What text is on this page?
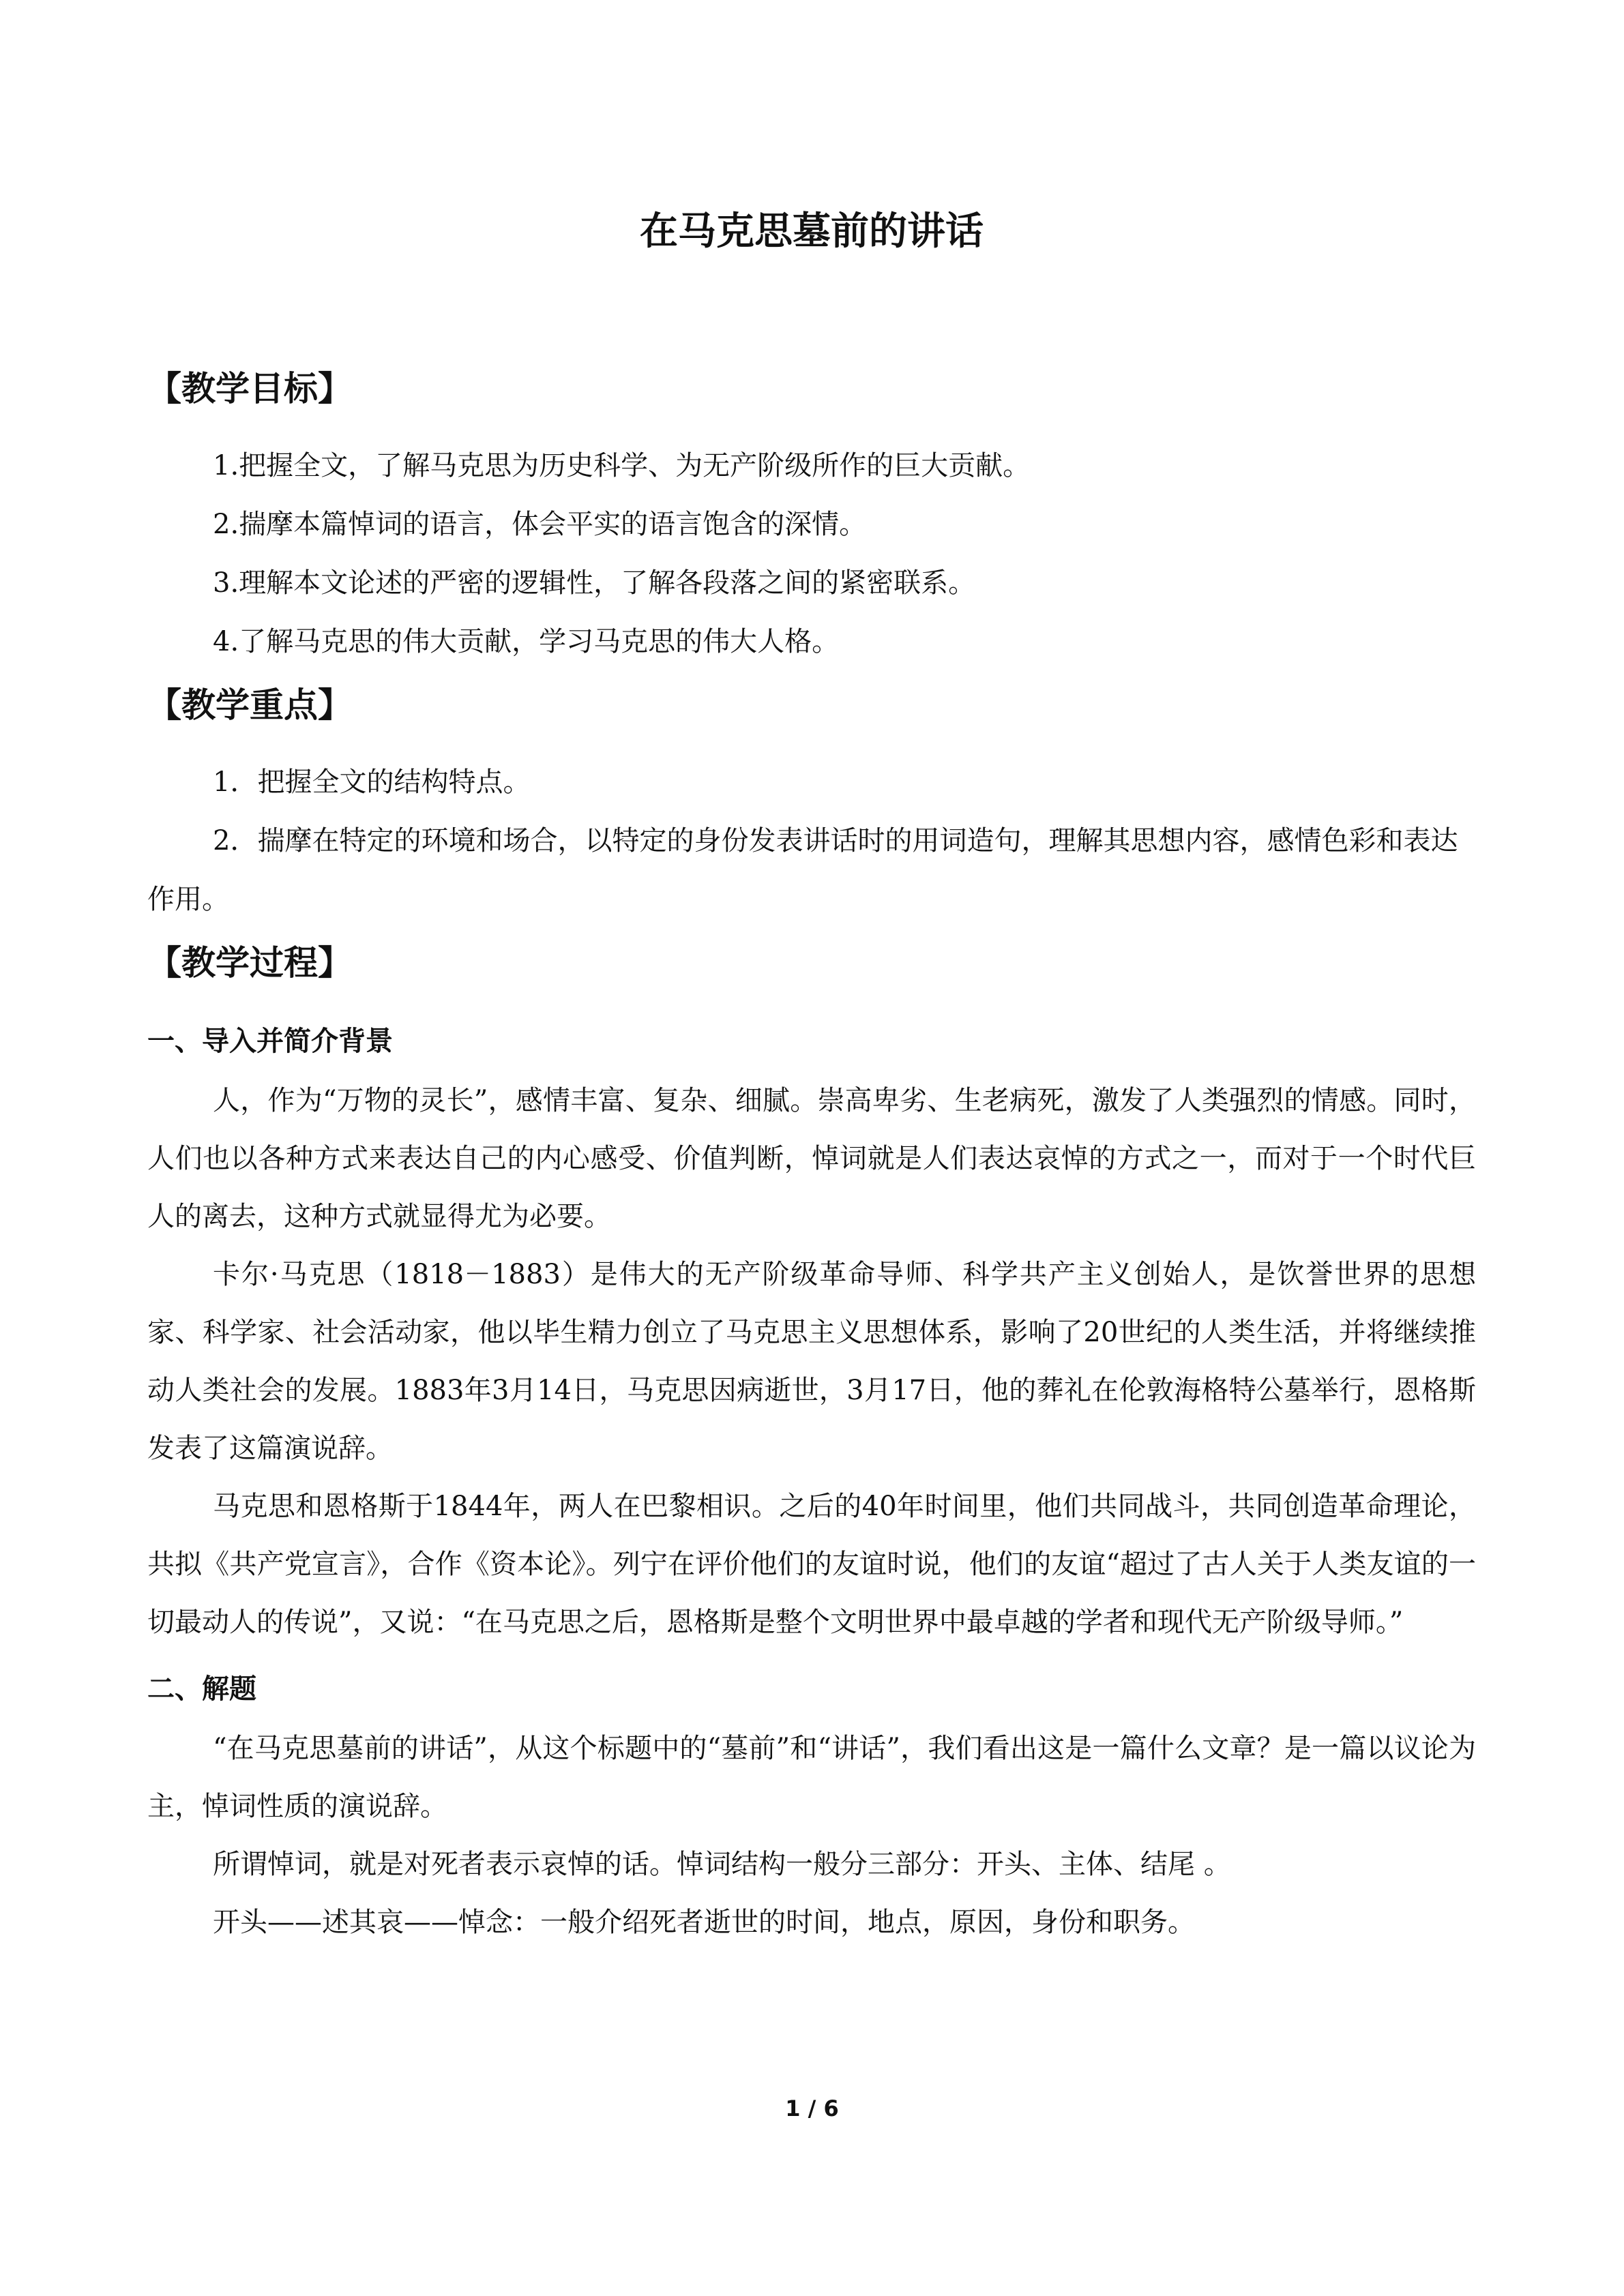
在马克思墓前的讲话
【教学目标】
1.把握全文，了解马克思为历史科学、为无产阶级所作的巨大贡献。
2.揣摩本篇悼词的语言，体会平实的语言饱含的深情。
3.理解本文论述的严密的逻辑性，了解各段落之间的紧密联系。
4.了解马克思的伟大贡献，学习马克思的伟大人格。
【教学重点】
1．把握全文的结构特点。
2．揣摩在特定的环境和场合，以特定的身份发表讲话时的用词造句，理解其思想内容，感情色彩和表达作用。
【教学过程】
一、导入并简介背景

人，作为“万物的灵长”，感情丰富、复杂、细腻。崇高卑劣、生老病死，激发了人类强烈的情感。同时，人们也以各种方式来表达自己的内心感受、价值判断，悼词就是人们表达哀悼的方式之一，而对于一个时代巨人的离去，这种方式就显得尤为必要。

卡尔·马克思（1818－1883）是伟大的无产阶级革命导师、科学共产主义创始人，是饮誉世界的思想家、科学家、社会活动家，他以毕生精力创立了马克思主义思想体系，影响了20世纪的人类生活，并将继续推动人类社会的发展。1883年3月14日，马克思因病逝世，3月17日，他的葬礼在伦敦海格特公墓举行，恩格斯发表了这篇演说辞。

马克思和恩格斯于1844年，两人在巴黎相识。之后的40年时间里，他们共同战斗，共同创造革命理论，共拟《共产党宣言》，合作《资本论》。列宁在评价他们的友谊时说，他们的友谊“超过了古人关于人类友谊的一切最动人的传说”，又说：“在马克思之后，恩格斯是整个文明世界中最卓越的学者和现代无产阶级导师。”

二、解题

“在马克思墓前的讲话”，从这个标题中的“墓前”和“讲话”，我们看出这是一篇什么文章？是一篇以议论为主，悼词性质的演说辞。

所谓悼词，就是对死者表示哀悼的话。悼词结构一般分三部分：开头、主体、结尾 。

开头——述其哀——悼念：一般介绍死者逝世的时间，地点，原因，身份和职务。

1 / 6
